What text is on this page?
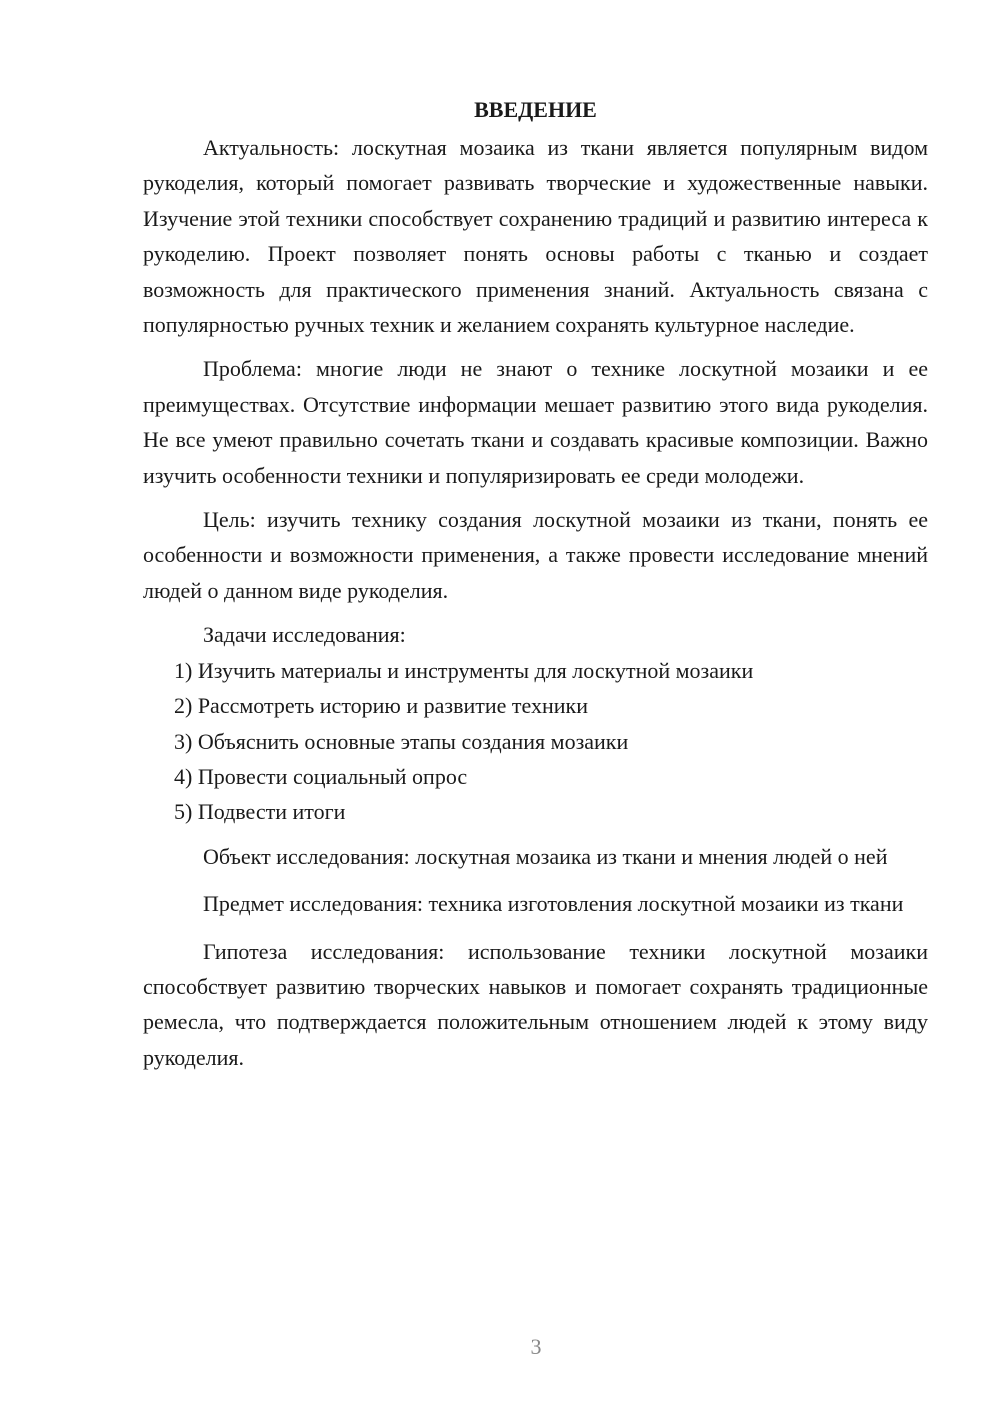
ВВЕДЕНИЕ

Актуальность: лоскутная мозаика из ткани является популярным видом рукоделия, который помогает развивать творческие и художественные навыки. Изучение этой техники способствует сохранению традиций и развитию интереса к рукоделию. Проект позволяет понять основы работы с тканью и создает возможность для практического применения знаний. Актуальность связана с популярностью ручных техник и желанием сохранять культурное наследие.

Проблема: многие люди не знают о технике лоскутной мозаики и ее преимуществах. Отсутствие информации мешает развитию этого вида рукоделия. Не все умеют правильно сочетать ткани и создавать красивые композиции. Важно изучить особенности техники и популяризировать ее среди молодежи.

Цель: изучить технику создания лоскутной мозаики из ткани, понять ее особенности и возможности применения, а также провести исследование мнений людей о данном виде рукоделия.

Задачи исследования:

1) Изучить материалы и инструменты для лоскутной мозаики

2) Рассмотреть историю и развитие техники

3) Объяснить основные этапы создания мозаики

4) Провести социальный опрос

5) Подвести итоги

Объект исследования: лоскутная мозаика из ткани и мнения людей о ней

Предмет исследования: техника изготовления лоскутной мозаики из ткани

Гипотеза исследования: использование техники лоскутной мозаики способствует развитию творческих навыков и помогает сохранять традиционные ремесла, что подтверждается положительным отношением людей к этому виду рукоделия.

3
